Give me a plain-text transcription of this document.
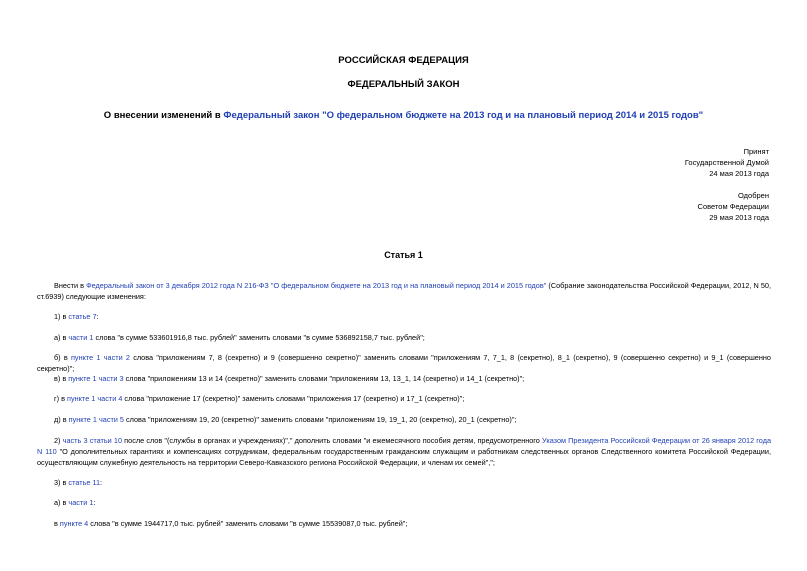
РОССИЙСКАЯ ФЕДЕРАЦИЯ
ФЕДЕРАЛЬНЫЙ ЗАКОН
О внесении изменений в Федеральный закон "О федеральном бюджете на 2013 год и на плановый период 2014 и 2015 годов"
Принят
Государственной Думой
24 мая 2013 года
Одобрен
Советом Федерации
29 мая 2013 года
Статья 1
Внести в Федеральный закон от 3 декабря 2012 года N 216-ФЗ "О федеральном бюджете на 2013 год и на плановый период 2014 и 2015 годов" (Собрание законодательства Российской Федерации, 2012, N 50, ст.6939) следующие изменения:
1) в статье 7:
а) в части 1 слова "в сумме 533601916,8 тыс. рублей" заменить словами "в сумме 536892158,7 тыс. рублей";
б) в пункте 1 части 2 слова "приложениям 7, 8 (секретно) и 9 (совершенно секретно)" заменить словами "приложениям 7, 7_1, 8 (секретно), 8_1 (секретно), 9 (совершенно секретно) и 9_1 (совершенно секретно)";
в) в пункте 1 части 3 слова "приложениям 13 и 14 (секретно)" заменить словами "приложениям 13, 13_1, 14 (секретно) и 14_1 (секретно)";
г) в пункте 1 части 4 слова "приложение 17 (секретно)" заменить словами "приложения 17 (секретно) и 17_1 (секретно)";
д) в пункте 1 части 5 слова "приложениям 19, 20 (секретно)" заменить словами "приложениям 19, 19_1, 20 (секретно), 20_1 (секретно)";
2) часть 3 статьи 10 после слов "(службы в органах и учреждениях)"," дополнить словами "и ежемесячного пособия детям, предусмотренного Указом Президента Российской Федерации от 26 января 2012 года N 110 "О дополнительных гарантиях и компенсациях сотрудникам, федеральным государственным гражданским служащим и работникам следственных органов Следственного комитета Российской Федерации, осуществляющим служебную деятельность на территории Северо-Кавказского региона Российской Федерации, и членам их семей",";
3) в статье 11:
а) в части 1:
в пункте 4 слова "в сумме 1944717,0 тыс. рублей" заменить словами "в сумме 15539087,0 тыс. рублей";
